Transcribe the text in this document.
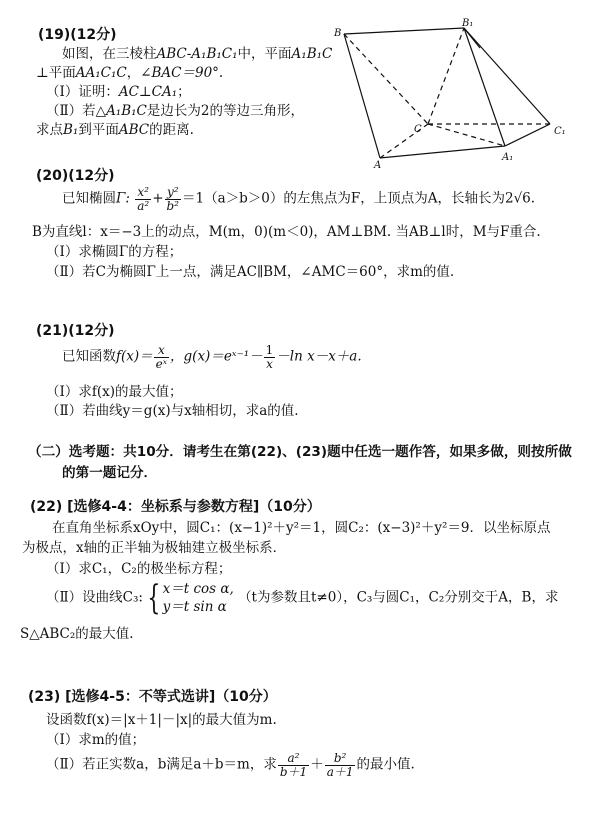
(19)(12分)
如图，在三棱柱ABC-A₁B₁C₁中，平面A₁B₁C
⊥平面AA₁C₁C，∠BAC＝90°.
（Ⅰ）证明：AC⊥CA₁；
（Ⅱ）若△A₁B₁C是边长为2的等边三角形，
求点B₁到平面ABC的距离.
B
B₁
C	C₁
A
A₁
(20)(12分)
已知椭圆Γ: $\frac{\text{x²}}{\text{a²}} + \frac{\text{y²}}{\text{b²}} =1(a>b>0)$的左焦点为F，上顶点为A，长轴长为2√6.
B为直线l：x＝−3上的动点，M(m，0)(m＜0)，AM⊥BM. 当AB⊥l时，M与F重合.
（Ⅰ）求椭圆Γ的方程；
（Ⅱ）若C为椭圆Γ上一点，满足AC∥BM，∠AMC＝60°，求m的值.
(21)(12分)
已知函数$f(x)= \frac{x}{\text{eˣ}}$ ，g(x)＝eˣ⁻¹－ $\frac{1}{x} -\ln$ x－x＋a.
（Ⅰ）求f(x)的最大值；
（Ⅱ）若曲线y＝g(x)与x轴相切，求a的值.
（二）选考题：共10分．请考生在第(22)、(23)题中任选一题作答，如果多做，则按所做
的第一题记分．
(22) [选修4-4：坐标系与参数方程]（10分）
在直角坐标系xOy中，圆C₁：(x−1)²＋y²＝1，圆C₂：(x−3)²＋y²＝9．以坐标原点
为极点，x轴的正半轴为极轴建立极坐标系．
（Ⅰ）求C₁，C₂的极坐标方程；
（Ⅱ）设曲线C₃: { x＝t cos α,
y＝t sin α
（t为参数且t≠0），C₃与圆C₁，C₂分别交于A，B，求
S△ABC₂的最大值.
(23) [选修4-5：不等式选讲]（10分）
设函数f(x)＝|x＋1|－|x|的最大值为m.
（Ⅰ）求m的值；
（Ⅱ）若正实数a，b满足a＋b＝m，求 $\frac{\text{a²}}{b+1} + \frac{\text{b²}}{a+1}$ 的最小值.
